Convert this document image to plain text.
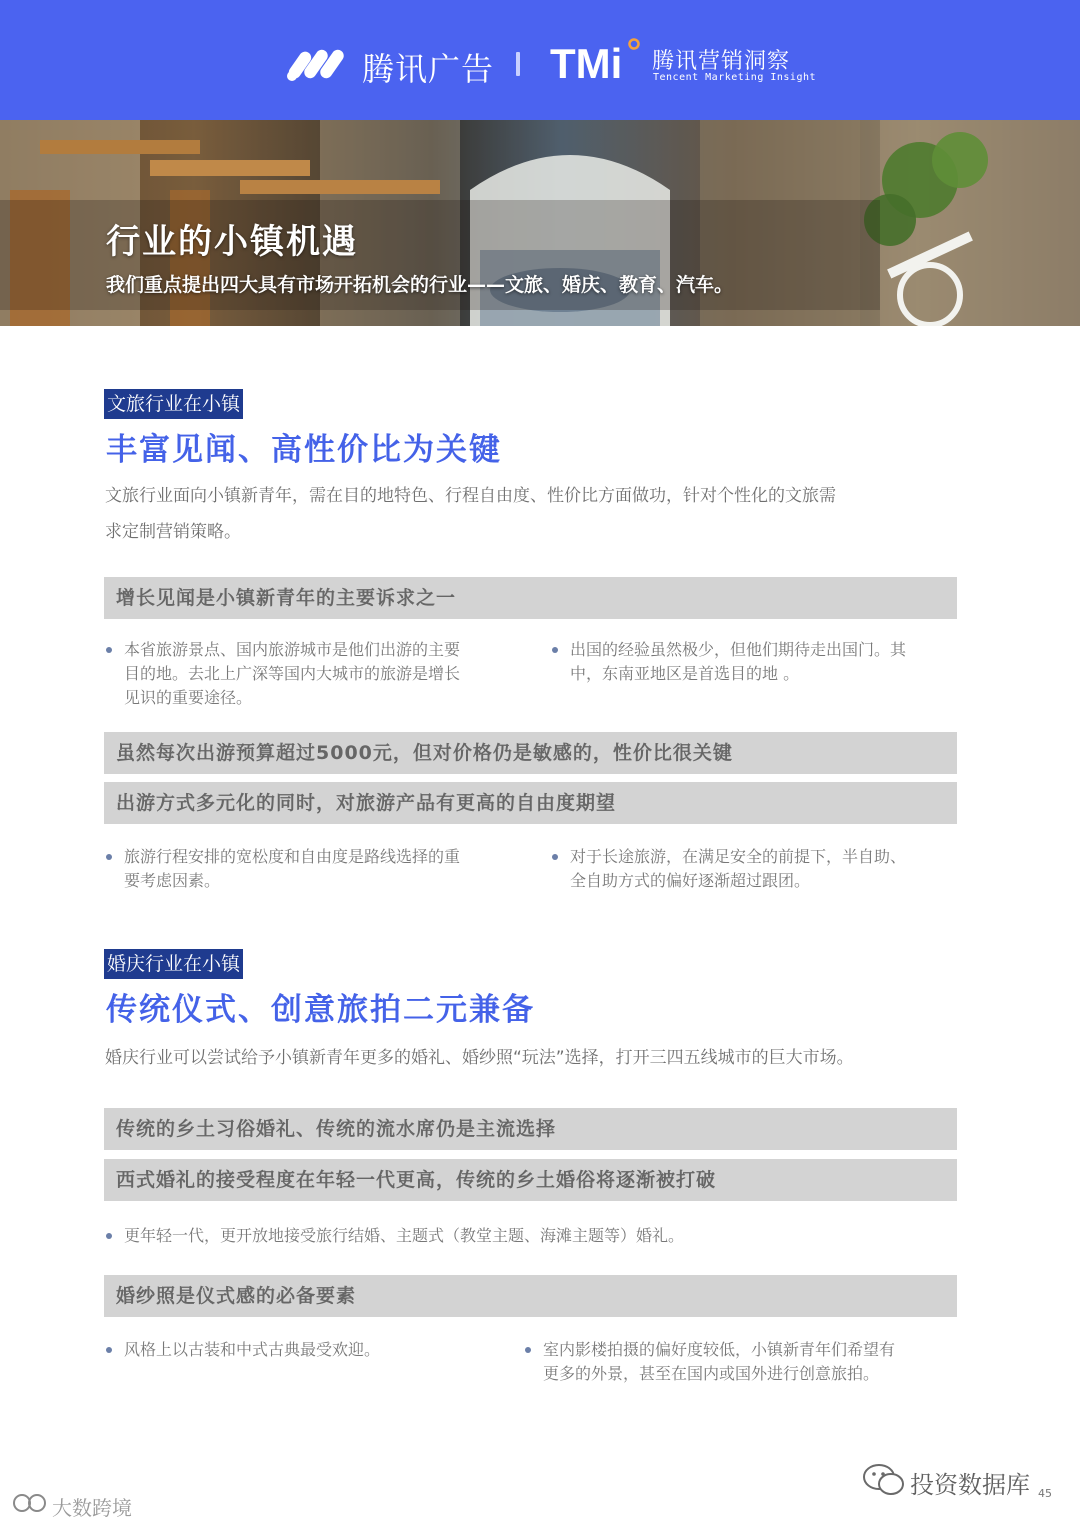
腾讯广告 TMi 腾讯营销洞察
Tencent Marketing Insight
行业的小镇机遇
我们重点提出四大具有市场开拓机会的行业——文旅、婚庆、教育、汽车。
文旅行业在小镇
丰富见闻、高性价比为关键
文旅行业面向小镇新青年，需在目的地特色、行程自由度、性价比方面做功，针对个性化的文旅需
求定制营销策略。
增长见闻是小镇新青年的主要诉求之一
本省旅游景点、国内旅游城市是他们出游的主要
目的地。去北上广深等国内大城市的旅游是增长
见识的重要途径。
出国的经验虽然极少，但他们期待走出国门。其
中，东南亚地区是首选目的地 。
虽然每次出游预算超过5000元，但对价格仍是敏感的，性价比很关键
出游方式多元化的同时，对旅游产品有更高的自由度期望
旅游行程安排的宽松度和自由度是路线选择的重
要考虑因素。
对于长途旅游，在满足安全的前提下，半自助、
全自助方式的偏好逐渐超过跟团。
婚庆行业在小镇
传统仪式、创意旅拍二元兼备
婚庆行业可以尝试给予小镇新青年更多的婚礼、婚纱照“玩法”选择，打开三四五线城市的巨大市场。
传统的乡土习俗婚礼、传统的流水席仍是主流选择
西式婚礼的接受程度在年轻一代更高，传统的乡土婚俗将逐渐被打破
更年轻一代，更开放地接受旅行结婚、主题式（教堂主题、海滩主题等）婚礼。
婚纱照是仪式感的必备要素
风格上以古装和中式古典最受欢迎。	室内影楼拍摄的偏好度较低，小镇新青年们希望有
更多的外景，甚至在国内或国外进行创意旅拍。
大数跨境
投资数据库 45
